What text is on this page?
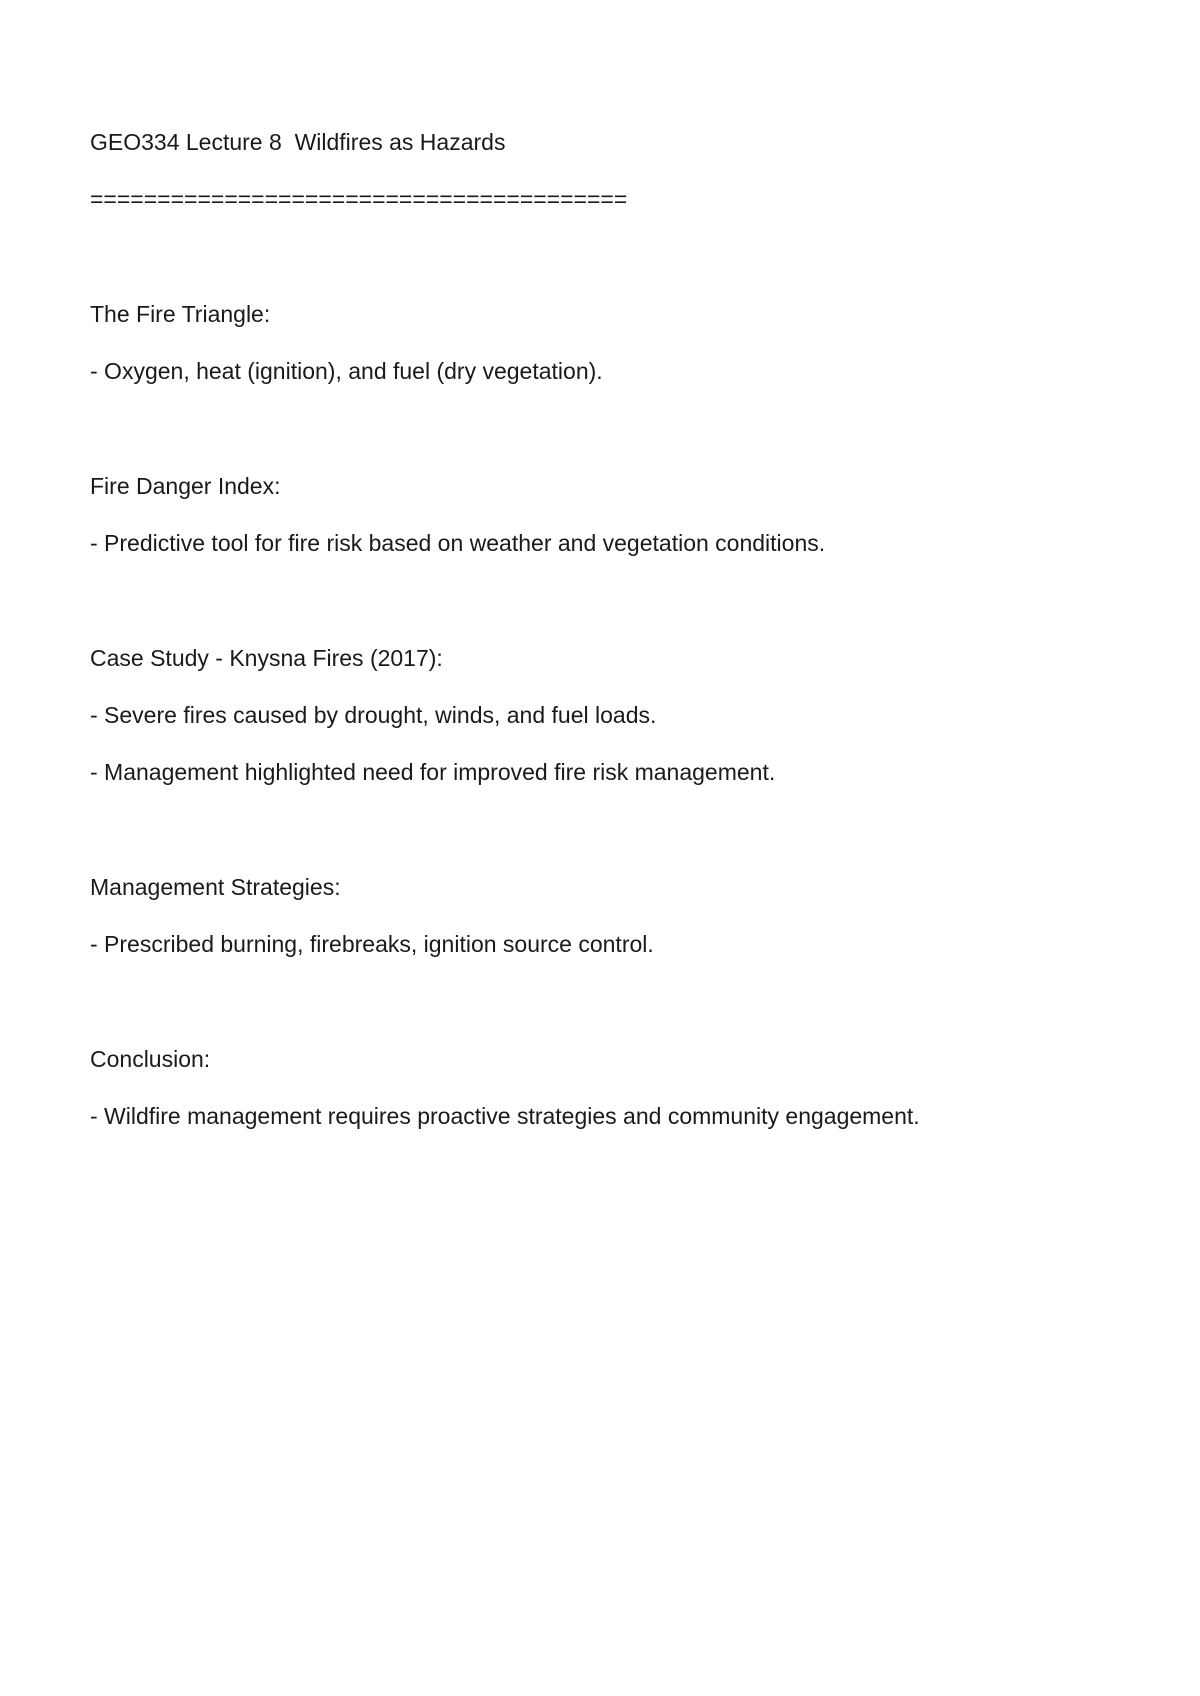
GEO334 Lecture 8  Wildfires as Hazards
========================================
The Fire Triangle:
- Oxygen, heat (ignition), and fuel (dry vegetation).
Fire Danger Index:
- Predictive tool for fire risk based on weather and vegetation conditions.
Case Study - Knysna Fires (2017):
- Severe fires caused by drought, winds, and fuel loads.
- Management highlighted need for improved fire risk management.
Management Strategies:
- Prescribed burning, firebreaks, ignition source control.
Conclusion:
- Wildfire management requires proactive strategies and community engagement.
